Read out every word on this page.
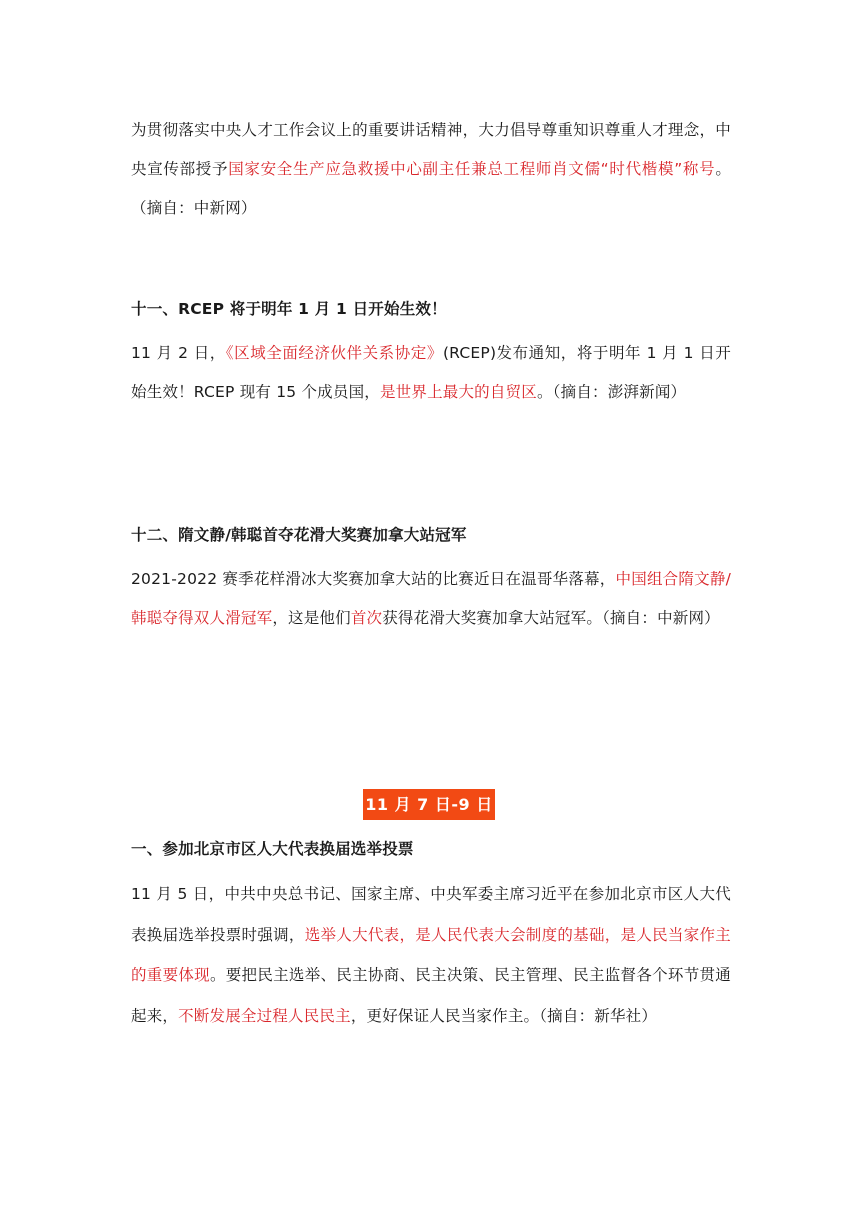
为贯彻落实中央人才工作会议上的重要讲话精神，大力倡导尊重知识尊重人才理念，中央宣传部授予国家安全生产应急救援中心副主任兼总工程师肖文儒“时代楷模”称号。（摘自：中新网）

十一、RCEP 将于明年 1 月 1 日开始生效！

11 月 2 日，《区域全面经济伙伴关系协定》(RCEP)发布通知，将于明年 1 月 1 日开始生效！RCEP 现有 15 个成员国，是世界上最大的自贸区。（摘自：澎湃新闻）

十二、隋文静/韩聪首夺花滑大奖赛加拿大站冠军

2021-2022 赛季花样滑冰大奖赛加拿大站的比赛近日在温哥华落幕，中国组合隋文静/韩聪夺得双人滑冠军，这是他们首次获得花滑大奖赛加拿大站冠军。（摘自：中新网）

11 月 7 日-9 日

一、参加北京市区人大代表换届选举投票

11 月 5 日，中共中央总书记、国家主席、中央军委主席习近平在参加北京市区人大代表换届选举投票时强调，选举人大代表，是人民代表大会制度的基础，是人民当家作主的重要体现。要把民主选举、民主协商、民主决策、民主管理、民主监督各个环节贯通起来，不断发展全过程人民民主，更好保证人民当家作主。（摘自：新华社）
